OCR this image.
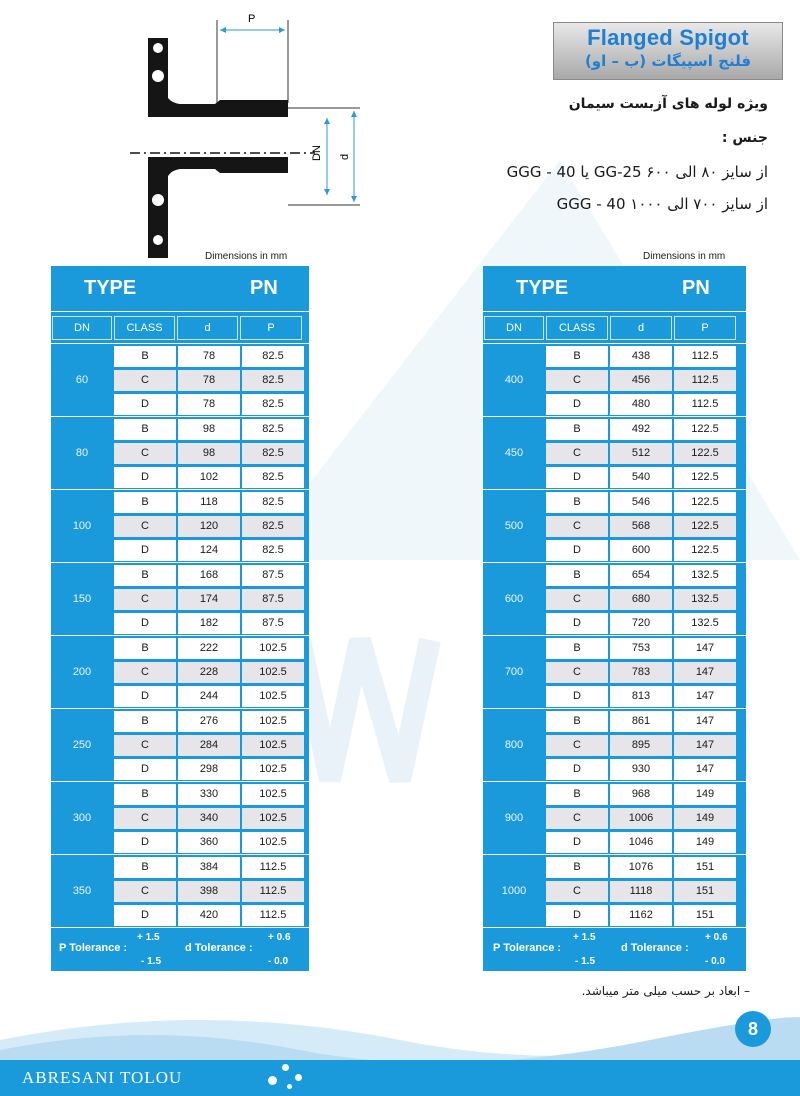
P
DN d
Flanged Spigot
فلنج اسپیگات (ب – او)
ویژه لوله های آزبست سیمان
جنس :
از سایز ۸۰ الی ۶۰۰ GG-25 یا GGG - 40
از سایز ۷۰۰ الی ۱۰۰۰ GGG - 40
Dimensions in mm	Dimensions in mm
TYPE	PN
DN	CLASS	d	P
60
B	78	82.5
C	78	82.5
D	78	82.5
80
B	98	82.5
C	98	82.5
D	102	82.5
100
B	118	82.5
C	120	82.5
D	124	82.5
150
B	168	87.5
C	174	87.5
D	182	87.5
200
B	222	102.5
C	228	102.5
D	244	102.5
250
B	276	102.5
C	284	102.5
D	298	102.5
300
B	330	102.5
C	340	102.5
D	360	102.5
350
B	384	112.5
C	398	112.5
D	420	112.5
P Tolerance :
+ 1.5
- 1.5
d Tolerance :
+ 0.6
- 0.0
TYPE	PN
DN	CLASS	d	P
400
B	438	112.5
C	456	112.5
D	480	112.5
450
B	492	122.5
C	512	122.5
D	540	122.5
500
B	546	122.5
C	568	122.5
D	600	122.5
600
B	654	132.5
C	680	132.5
D	720	132.5
700
B	753	147
C	783	147
D	813	147
800
B	861	147
C	895	147
D	930	147
900
B	968	149
C	1006	149
D	1046	149
1000
B	1076	151
C	1118	151
D	1162	151
P Tolerance :
+ 1.5
- 1.5
d Tolerance :
+ 0.6
- 0.0
– ابعاد بر حسب میلی متر میباشد.
ABRESANI TOLOU
8
